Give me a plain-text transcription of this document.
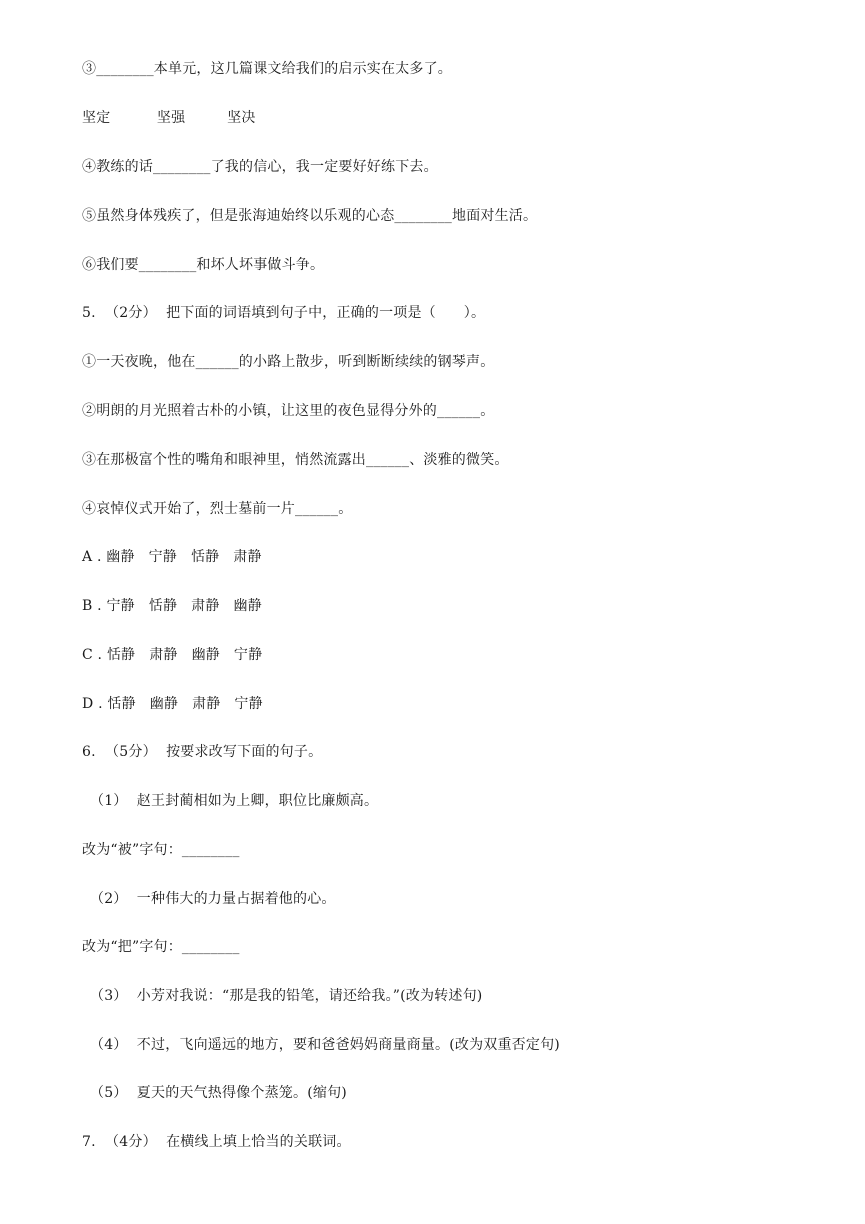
③________本单元，这几篇课文给我们的启示实在太多了。
坚定          坚强         坚决
④教练的话________了我的信心，我一定要好好练下去。
⑤虽然身体残疾了，但是张海迪始终以乐观的心态________地面对生活。
⑥我们要________和坏人坏事做斗争。
5.  （2分）  把下面的词语填到句子中，正确的一项是（      ）。
①一天夜晚，他在______的小路上散步，听到断断续续的钢琴声。
②明朗的月光照着古朴的小镇，让这里的夜色显得分外的______。
③在那极富个性的嘴角和眼神里，悄然流露出______、淡雅的微笑。
④哀悼仪式开始了，烈士墓前一片______。
A . 幽静   宁静   恬静   肃静
B . 宁静   恬静   肃静   幽静
C . 恬静   肃静   幽静   宁静
D . 恬静   幽静   肃静   宁静
6.  （5分）  按要求改写下面的句子。
（1）  赵王封蔺相如为上卿，职位比廉颇高。
改为“被”字句：________
（2）  一种伟大的力量占据着他的心。
改为“把”字句：________
（3）  小芳对我说：“那是我的铅笔，请还给我。”(改为转述句)
（4）  不过，飞向遥远的地方，要和爸爸妈妈商量商量。(改为双重否定句)
（5）  夏天的天气热得像个蒸笼。(缩句)
7.  （4分）  在横线上填上恰当的关联词。
